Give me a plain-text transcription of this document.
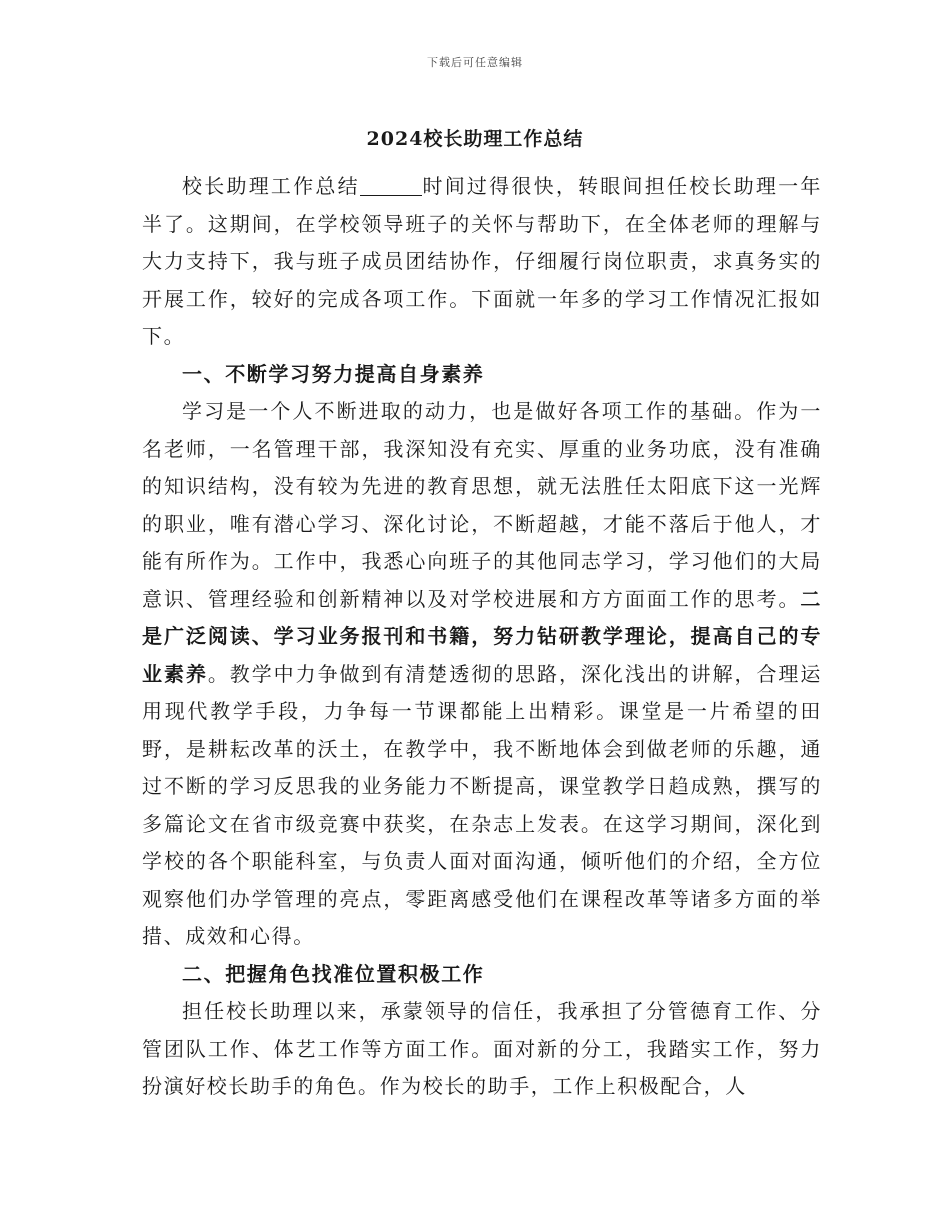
下载后可任意编辑
2024校长助理工作总结

校长助理工作总结	时间过得很快，转眼间担任校长助理一年半了。这期间，在学校领导班子的关怀与帮助下，在全体老师的理解与大力支持下，我与班子成员团结协作，仔细履行岗位职责，求真务实的开展工作，较好的完成各项工作。下面就一年多的学习工作情况汇报如下。

一、不断学习努力提高自身素养

学习是一个人不断进取的动力，也是做好各项工作的基础。作为一名老师，一名管理干部，我深知没有充实、厚重的业务功底，没有准确的知识结构，没有较为先进的教育思想，就无法胜任太阳底下这一光辉的职业，唯有潜心学习、深化讨论，不断超越，才能不落后于他人，才能有所作为。工作中，我悉心向班子的其他同志学习，学习他们的大局意识、管理经验和创新精神以及对学校进展和方方面面工作的思考。二是广泛阅读、学习业务报刊和书籍，努力钻研教学理论，提高自己的专业素养。教学中力争做到有清楚透彻的思路，深化浅出的讲解，合理运用现代教学手段，力争每一节课都能上出精彩。课堂是一片希望的田野，是耕耘改革的沃土，在教学中，我不断地体会到做老师的乐趣，通过不断的学习反思我的业务能力不断提高，课堂教学日趋成熟，撰写的多篇论文在省市级竞赛中获奖，在杂志上发表。在这学习期间，深化到学校的各个职能科室，与负责人面对面沟通，倾听他们的介绍，全方位观察他们办学管理的亮点，零距离感受他们在课程改革等诸多方面的举措、成效和心得。

二、把握角色找准位置积极工作

担任校长助理以来，承蒙领导的信任，我承担了分管德育工作、分管团队工作、体艺工作等方面工作。面对新的分工，我踏实工作，努力扮演好校长助手的角色。作为校长的助手，工作上积极配合，人
